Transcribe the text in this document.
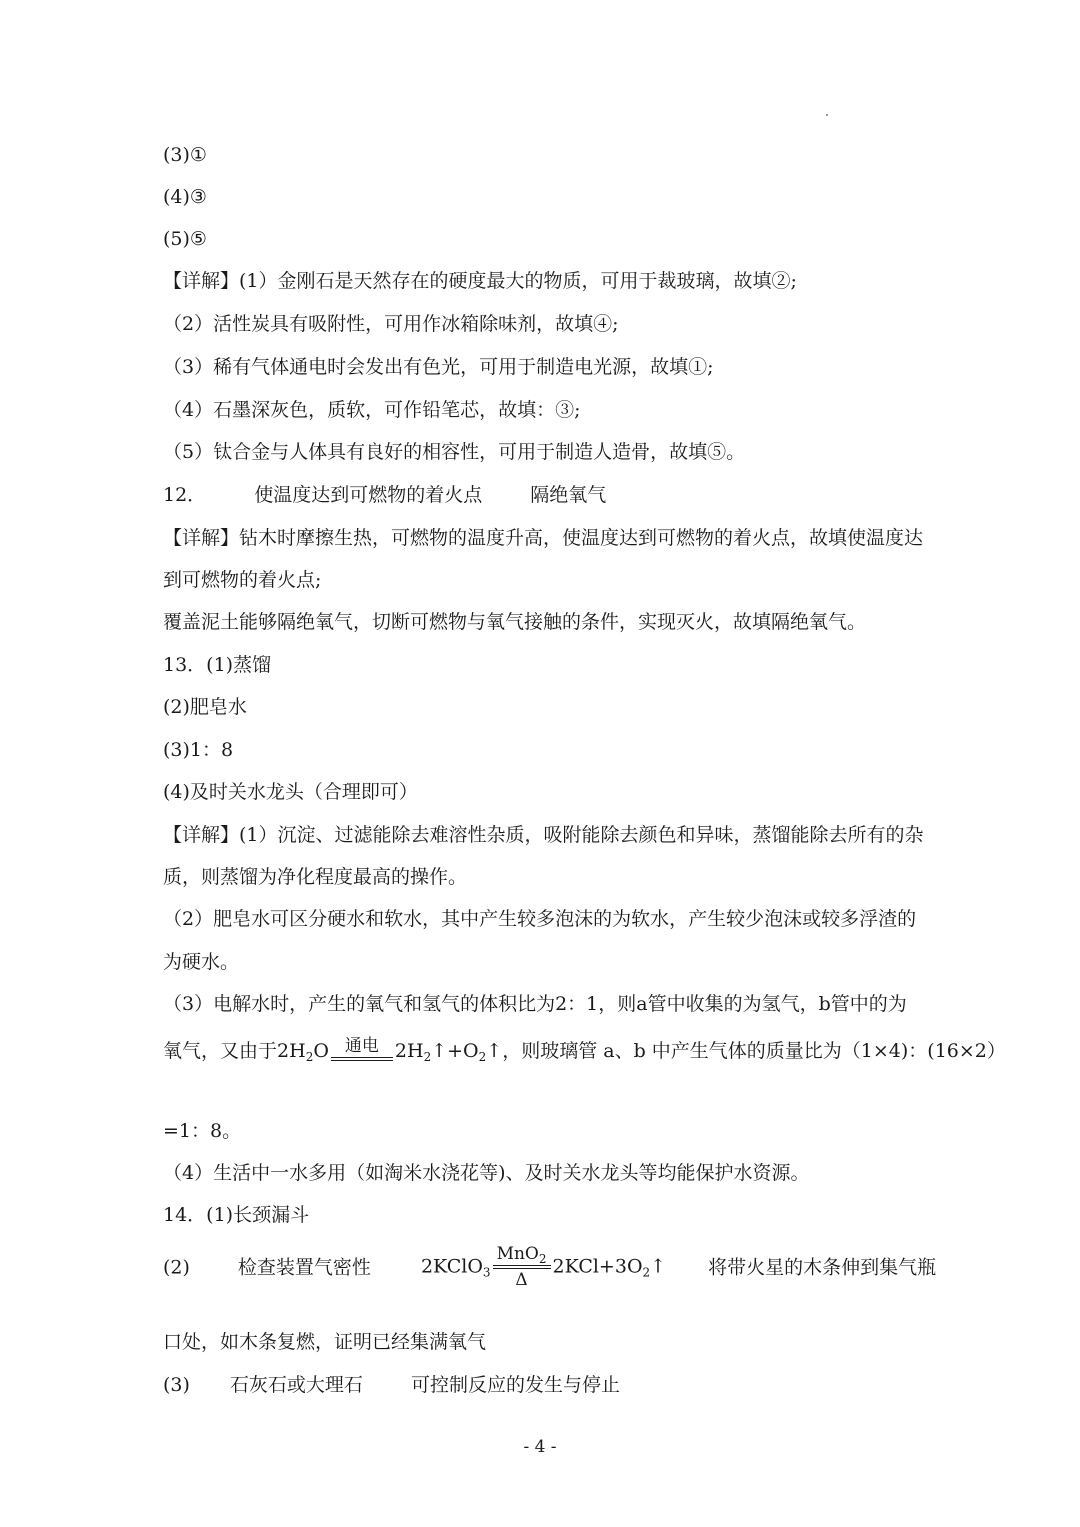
(3)①
(4)③
(5)⑤
【详解】(1）金刚石是天然存在的硬度最大的物质，可用于裁玻璃，故填②;
（2）活性炭具有吸附性，可用作冰箱除味剂，故填④;
（3）稀有气体通电时会发出有色光，可用于制造电光源，故填①;
（4）石墨深灰色，质软，可作铅笔芯，故填：③;
（5）钛合金与人体具有良好的相容性，可用于制造人造骨，故填⑤。
12．	使温度达到可燃物的着火点	隔绝氧气
【详解】钻木时摩擦生热，可燃物的温度升高，使温度达到可燃物的着火点，故填使温度达
到可燃物的着火点;
覆盖泥土能够隔绝氧气，切断可燃物与氧气接触的条件，实现灭火，故填隔绝氧气。
13．(1)蒸馏
(2)肥皂水
(3)1：8
(4)及时关水龙头（合理即可）
【详解】(1）沉淀、过滤能除去难溶性杂质，吸附能除去颜色和异味，蒸馏能除去所有的杂
质，则蒸馏为净化程度最高的操作。
（2）肥皂水可区分硬水和软水，其中产生较多泡沫的为软水，产生较少泡沫或较多浮渣的
为硬水。
（3）电解水时，产生的氧气和氢气的体积比为2：1，则a管中收集的为氢气，b管中的为
氧气，又由于$2H_2O$ 通电 $2H_2↑+O_2↑$，则玻璃管 a、b 中产生气体的质量比为（1×4)：(16×2）
=1：8。
（4）生活中一水多用（如淘米水浇花等)、及时关水龙头等均能保护水资源。
14．(1)长颈漏斗
(2)	检查装置气密性	2KClO$_3$ $\frac{MnO_2}{\Delta}$ $2KCl+3O_2↑$ 将带火星的木条伸到集气瓶
口处，如木条复燃，证明已经集满氧气
(3) 石灰石或大理石	可控制反应的发生与停止
- 4 -
